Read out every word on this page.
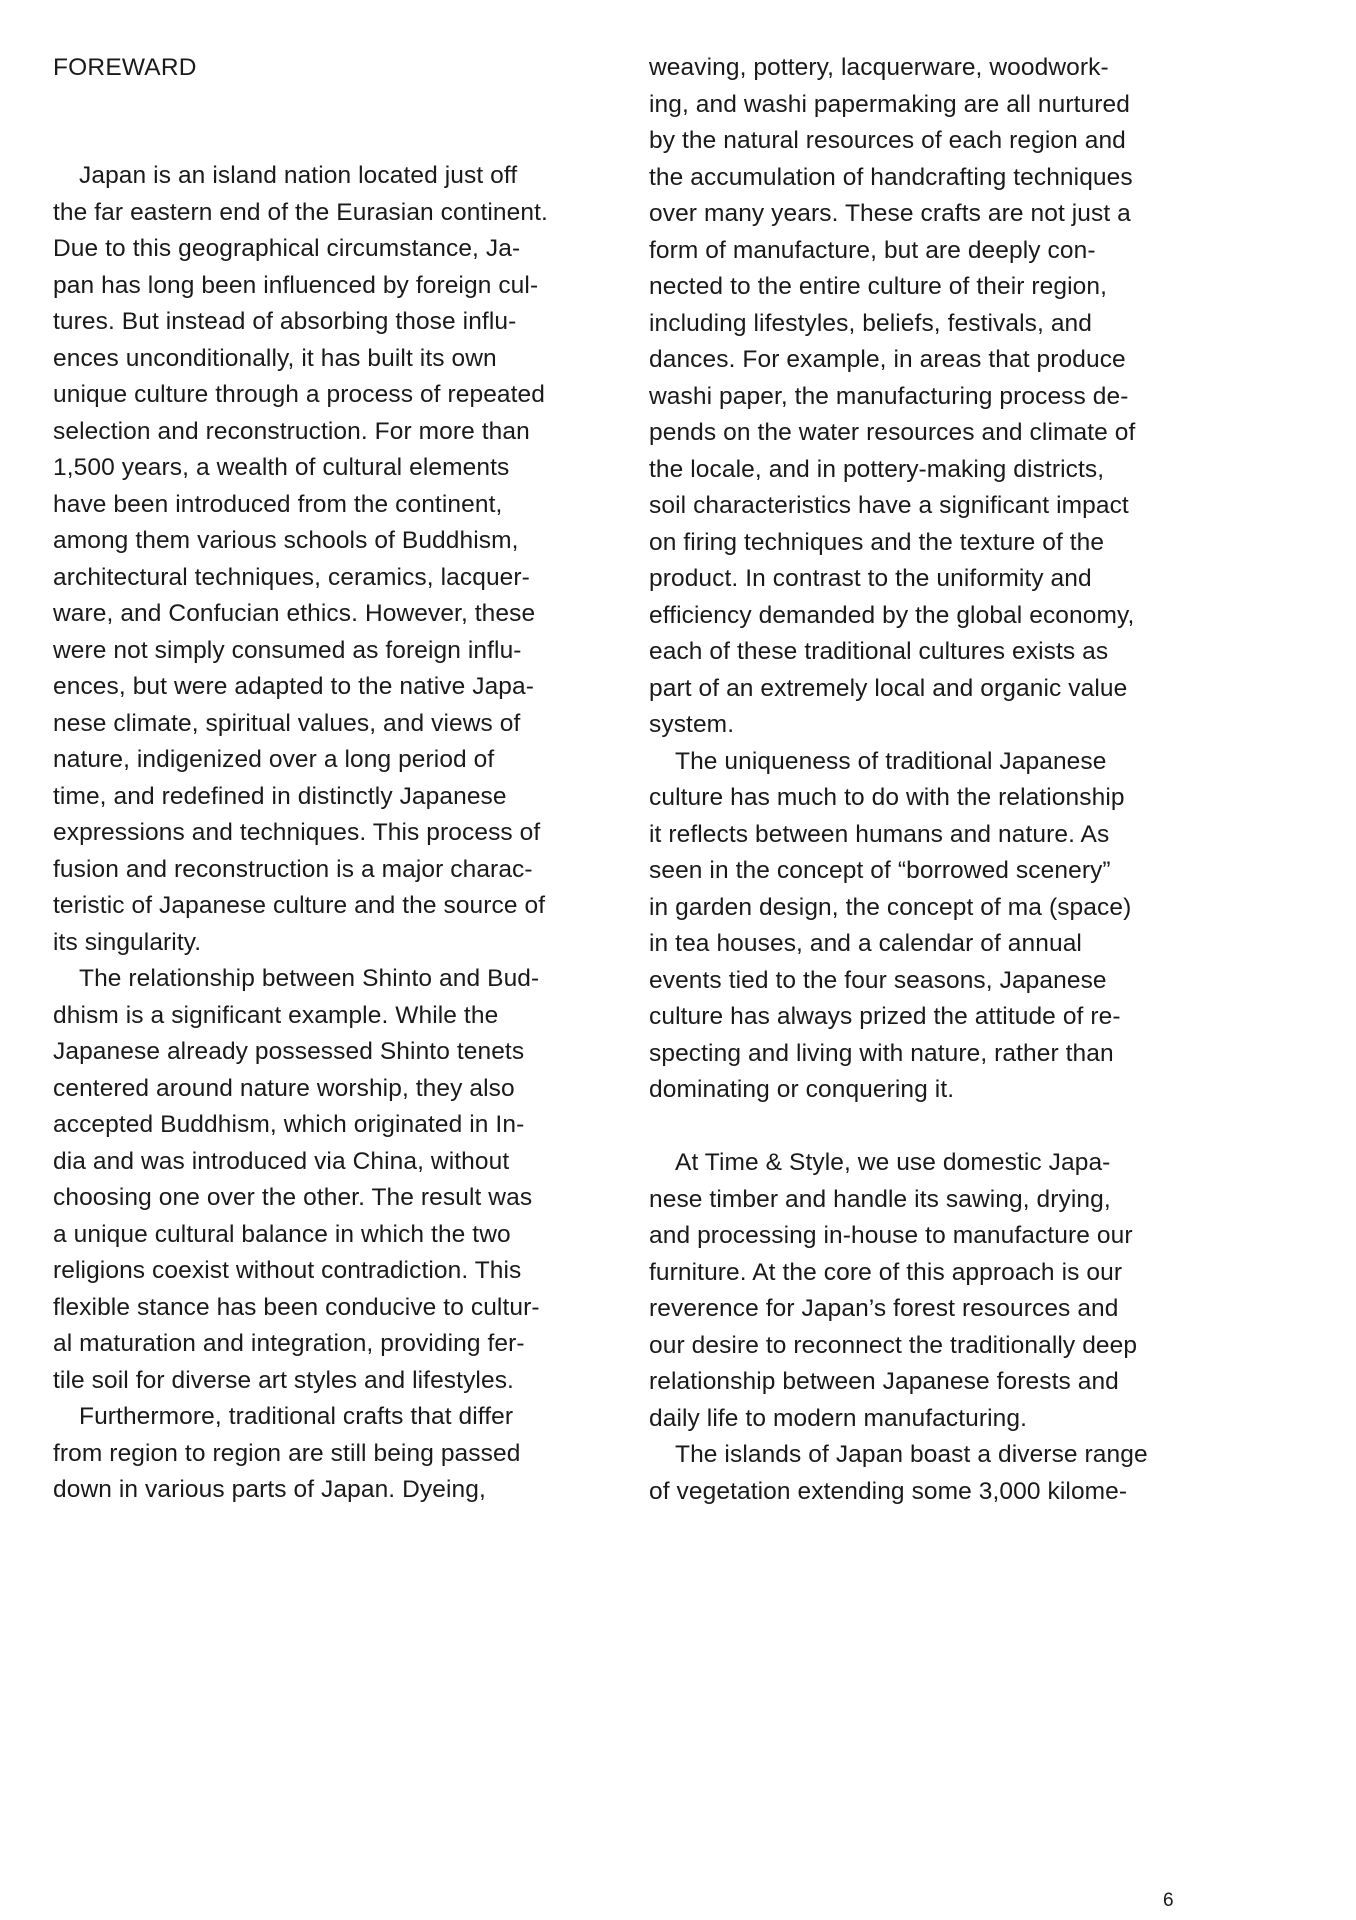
FOREWARD
Japan is an island nation located just off
the far eastern end of the Eurasian continent.
Due to this geographical circumstance, Ja-
pan has long been influenced by foreign cul-
tures. But instead of absorbing those influ-
ences unconditionally, it has built its own
unique culture through a process of repeated
selection and reconstruction. For more than
1,500 years, a wealth of cultural elements
have been introduced from the continent,
among them various schools of Buddhism,
architectural techniques, ceramics, lacquer-
ware, and Confucian ethics. However, these
were not simply consumed as foreign influ-
ences, but were adapted to the native Japa-
nese climate, spiritual values, and views of
nature, indigenized over a long period of
time, and redefined in distinctly Japanese
expressions and techniques. This process of
fusion and reconstruction is a major charac-
teristic of Japanese culture and the source of
its singularity.
The relationship between Shinto and Bud-
dhism is a significant example. While the
Japanese already possessed Shinto tenets
centered around nature worship, they also
accepted Buddhism, which originated in In-
dia and was introduced via China, without
choosing one over the other. The result was
a unique cultural balance in which the two
religions coexist without contradiction. This
flexible stance has been conducive to cultur-
al maturation and integration, providing fer-
tile soil for diverse art styles and lifestyles.
Furthermore, traditional crafts that differ
from region to region are still being passed
down in various parts of Japan. Dyeing,
weaving, pottery, lacquerware, woodwork-
ing, and washi papermaking are all nurtured
by the natural resources of each region and
the accumulation of handcrafting techniques
over many years. These crafts are not just a
form of manufacture, but are deeply con-
nected to the entire culture of their region,
including lifestyles, beliefs, festivals, and
dances. For example, in areas that produce
washi paper, the manufacturing process de-
pends on the water resources and climate of
the locale, and in pottery-making districts,
soil characteristics have a significant impact
on firing techniques and the texture of the
product. In contrast to the uniformity and
efficiency demanded by the global economy,
each of these traditional cultures exists as
part of an extremely local and organic value
system.
The uniqueness of traditional Japanese
culture has much to do with the relationship
it reflects between humans and nature. As
seen in the concept of “borrowed scenery”
in garden design, the concept of ma (space)
in tea houses, and a calendar of annual
events tied to the four seasons, Japanese
culture has always prized the attitude of re-
specting and living with nature, rather than
dominating or conquering it.
At Time & Style, we use domestic Japa-
nese timber and handle its sawing, drying,
and processing in-house to manufacture our
furniture. At the core of this approach is our
reverence for Japan’s forest resources and
our desire to reconnect the traditionally deep
relationship between Japanese forests and
daily life to modern manufacturing.
The islands of Japan boast a diverse range
of vegetation extending some 3,000 kilome-
6
